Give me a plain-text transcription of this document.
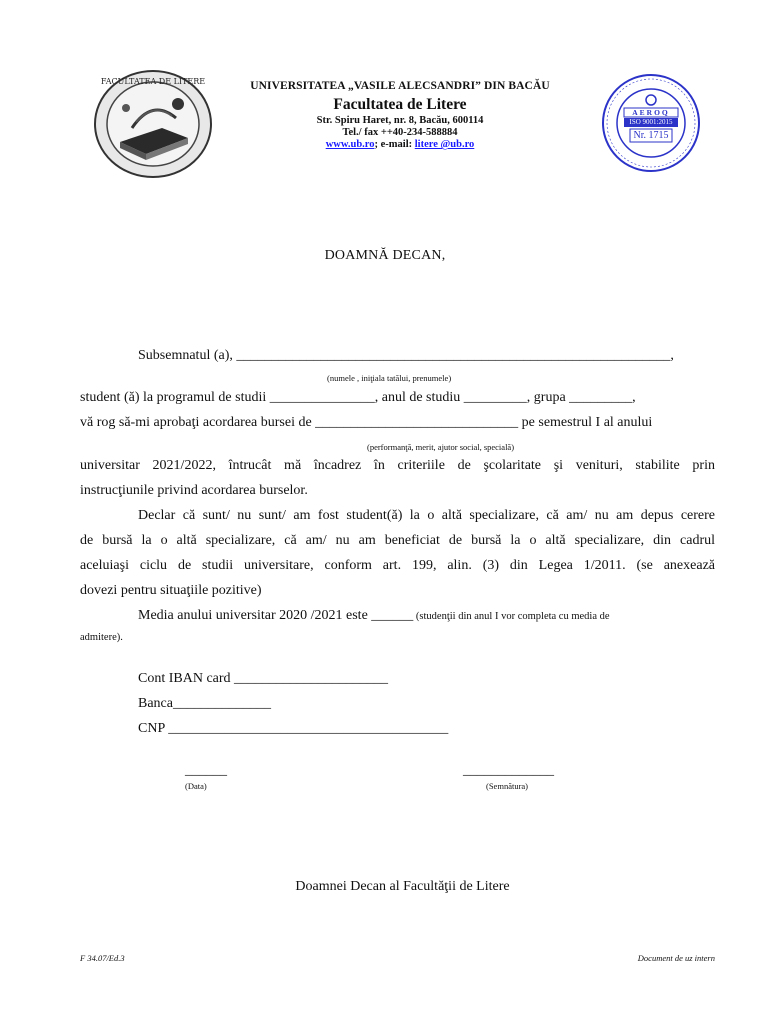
FACULTATEA DE LITERE	UNIVERSITATEA „VASILE ALECSANDRI” DIN BACĂU
Facultatea de Litere
Str. Spiru Haret, nr. 8, Bacău, 600114
Tel./ fax ++40-234-588884
www.ub.ro; e-mail: litere @ub.ro
AEROQ
ISO 9001:2015
Nr. 1715
DOAMNĂ DECAN,
Subsemnatul (a), ______________________________________________________________,
(numele , iniţiala tatălui, prenumele)
student (ă) la programul de studii _______________, anul de studiu _________, grupa _________,
vă rog să-mi aprobaţi acordarea bursei de _____________________________ pe semestrul I al anului
(performanţă, merit, ajutor social, specială)
universitar 2021/2022, întrucât mă încadrez în criteriile de şcolaritate şi venituri, stabilite prin
instrucţiunile privind acordarea burselor.
Declar că sunt/ nu sunt/ am fost student(ă) la o altă specializare, că am/ nu am depus cerere
de bursă la o altă specializare, că am/ nu am beneficiat de bursă la o altă specializare, din cadrul
aceluiaşi ciclu de studii universitare, conform art. 199, alin. (3) din Legea 1/2011. (se anexează
dovezi pentru situaţiile pozitive)
Media anului universitar 2020 /2021 este ______ (studenţii din anul I vor completa cu media de
admitere).
Cont IBAN card ______________________
Banca______________
CNP ________________________________________
______
(Data)
_____________
(Semnătura)
Doamnei Decan al Facultăţii de Litere
F 34.07/Ed.3	Document de uz intern
